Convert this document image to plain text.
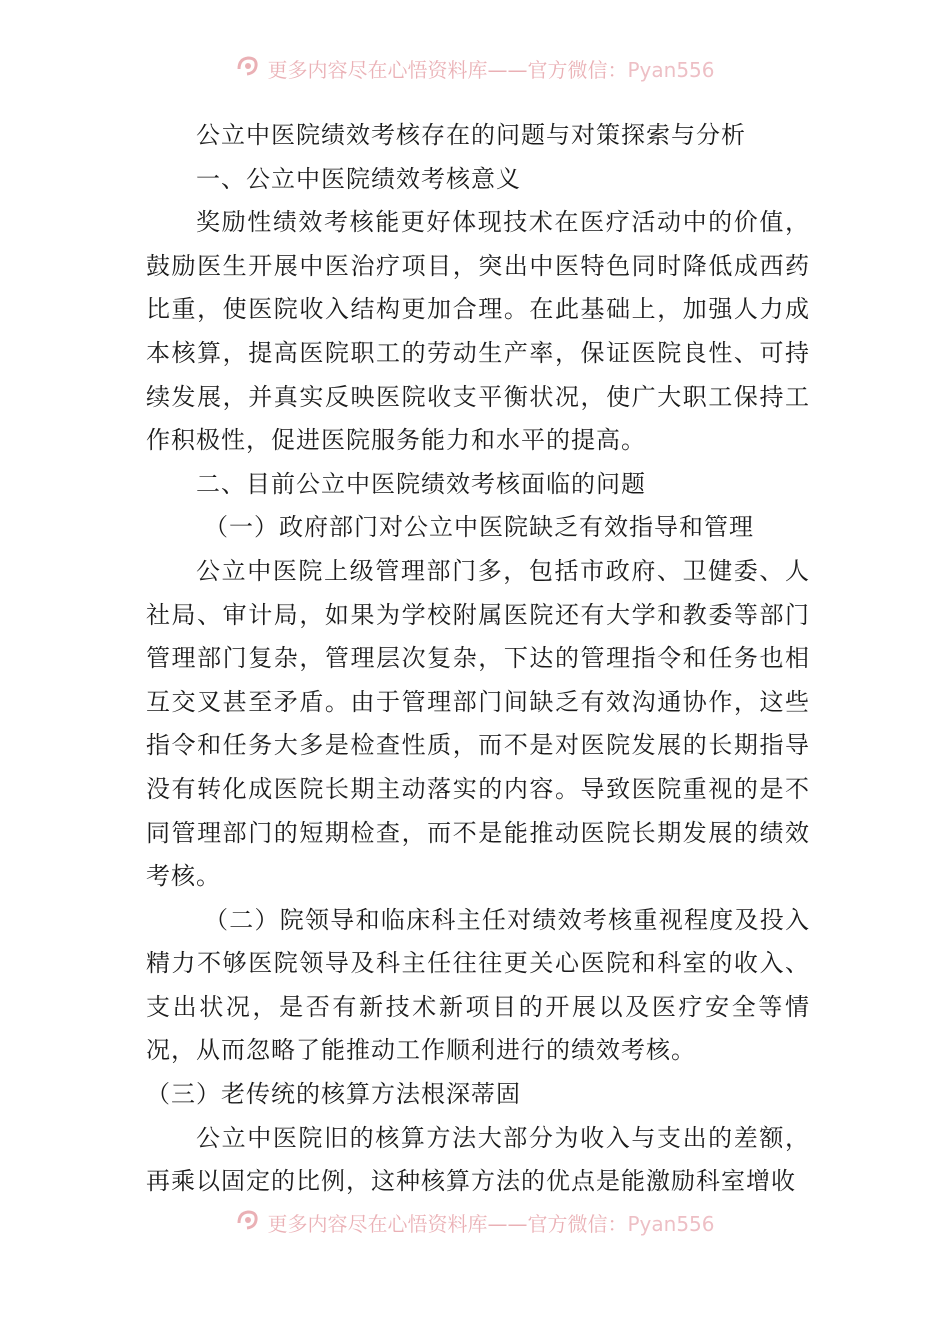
更多内容尽在心悟资料库——官方微信：Pyan556

公立中医院绩效考核存在的问题与对策探索与分析

一、公立中医院绩效考核意义

奖励性绩效考核能更好体现技术在医疗活动中的价值，鼓励医生开展中医治疗项目，突出中医特色同时降低成西药比重，使医院收入结构更加合理。在此基础上，加强人力成本核算，提高医院职工的劳动生产率，保证医院良性、可持续发展，并真实反映医院收支平衡状况，使广大职工保持工作积极性，促进医院服务能力和水平的提高。

二、目前公立中医院绩效考核面临的问题

（一）政府部门对公立中医院缺乏有效指导和管理

公立中医院上级管理部门多，包括市政府、卫健委、人社局、审计局，如果为学校附属医院还有大学和教委等部门管理部门复杂，管理层次复杂，下达的管理指令和任务也相互交叉甚至矛盾。由于管理部门间缺乏有效沟通协作，这些指令和任务大多是检查性质，而不是对医院发展的长期指导没有转化成医院长期主动落实的内容。导致医院重视的是不同管理部门的短期检查，而不是能推动医院长期发展的绩效考核。

（二）院领导和临床科主任对绩效考核重视程度及投入精力不够医院领导及科主任往往更关心医院和科室的收入、支出状况，是否有新技术新项目的开展以及医疗安全等情况，从而忽略了能推动工作顺利进行的绩效考核。

（三）老传统的核算方法根深蒂固

公立中医院旧的核算方法大部分为收入与支出的差额，再乘以固定的比例，这种核算方法的优点是能激励科室增收

更多内容尽在心悟资料库——官方微信：Pyan556
